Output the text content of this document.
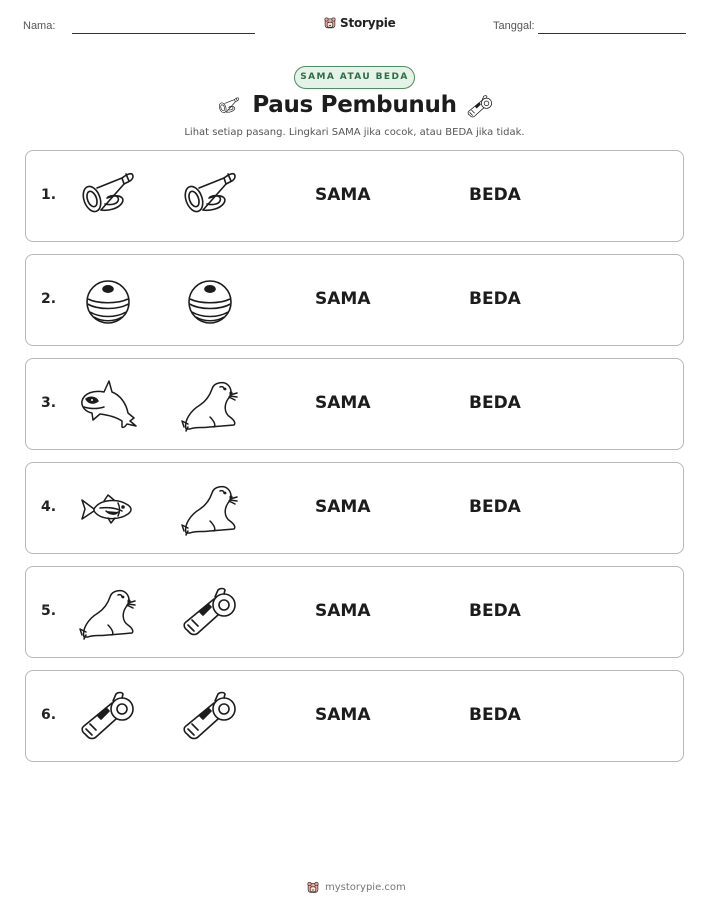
Nama:	Storypie	Tanggal:
SAMA ATAU BEDA
Paus Pembunuh
Lihat setiap pasang. Lingkari SAMA jika cocok, atau BEDA jika tidak.
1.	SAMA	BEDA
2.	SAMA	BEDA
3.	SAMA	BEDA
4.	SAMA	BEDA
5.	SAMA	BEDA
6.	SAMA	BEDA
mystorypie.com
